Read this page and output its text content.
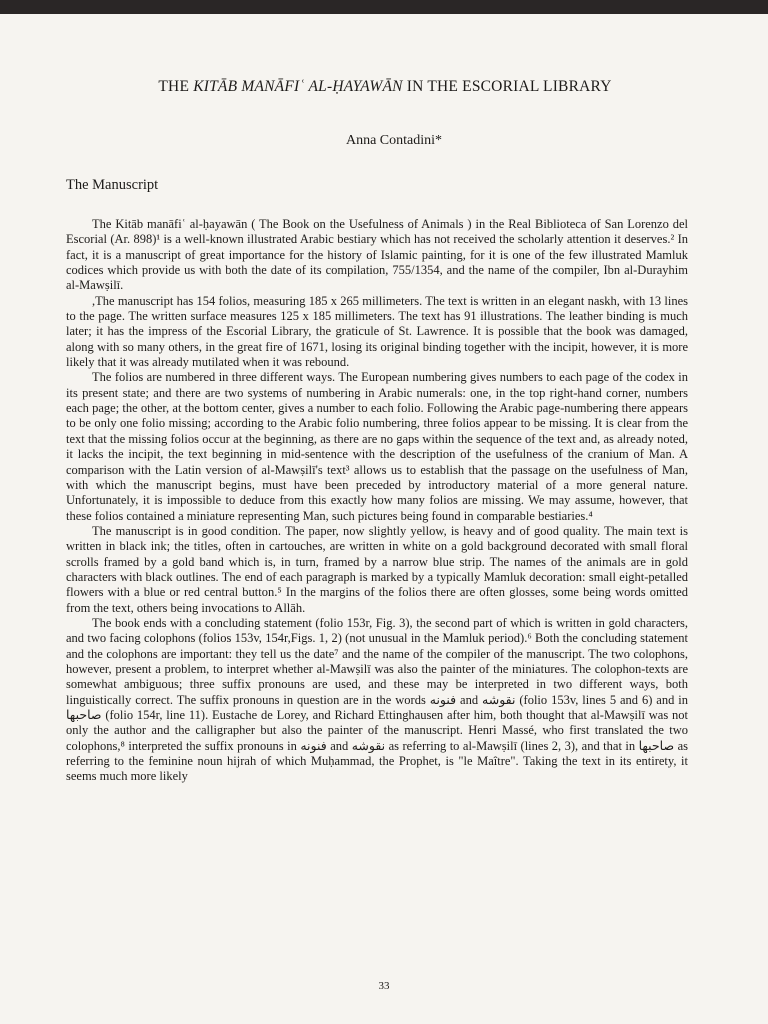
THE KITĀB MANĀFIʿ AL-ḤAYAWĀN IN THE ESCORIAL LIBRARY
Anna Contadini*
The Manuscript

The Kitāb manāfiʿ al-ḥayawān ( The Book on the Usefulness of Animals ) in the Real Biblioteca of San Lorenzo del Escorial (Ar. 898)¹ is a well-known illustrated Arabic bestiary which has not received the scholarly attention it deserves.² In fact, it is a manuscript of great importance for the history of Islamic painting, for it is one of the few illustrated Mamluk codices which provide us with both the date of its compilation, 755/1354, and the name of the compiler, Ibn al-Durayhim al-Mawṣilī.

,The manuscript has 154 folios, measuring 185 x 265 millimeters. The text is written in an elegant naskh, with 13 lines to the page. The written surface measures 125 x 185 millimeters. The text has 91 illustrations. The leather binding is much later; it has the impress of the Escorial Library, the graticule of St. Lawrence. It is possible that the book was damaged, along with so many others, in the great fire of 1671, losing its original binding together with the incipit, however, it is more likely that it was already mutilated when it was rebound.

The folios are numbered in three different ways. The European numbering gives numbers to each page of the codex in its present state; and there are two systems of numbering in Arabic numerals: one, in the top right-hand corner, numbers each page; the other, at the bottom center, gives a number to each folio. Following the Arabic page-numbering there appears to be only one folio missing; according to the Arabic folio numbering, three folios appear to be missing. It is clear from the text that the missing folios occur at the beginning, as there are no gaps within the sequence of the text and, as already noted, it lacks the incipit, the text beginning in mid-sentence with the description of the usefulness of the cranium of Man. A comparison with the Latin version of al-Mawṣilī's text³ allows us to establish that the passage on the usefulness of Man, with which the manuscript begins, must have been preceded by introductory material of a more general nature. Unfortunately, it is impossible to deduce from this exactly how many folios are missing. We may assume, however, that these folios contained a miniature representing Man, such pictures being found in comparable bestiaries.⁴

The manuscript is in good condition. The paper, now slightly yellow, is heavy and of good quality. The main text is written in black ink; the titles, often in cartouches, are written in white on a gold background decorated with small floral scrolls framed by a gold band which is, in turn, framed by a narrow blue strip. The names of the animals are in gold characters with black outlines. The end of each paragraph is marked by a typically Mamluk decoration: small eight-petalled flowers with a blue or red central button.⁵ In the margins of the folios there are often glosses, some being words omitted from the text, others being invocations to Allāh.

The book ends with a concluding statement (folio 153r, Fig. 3), the second part of which is written in gold characters, and two facing colophons (folios 153v, 154r,Figs. 1, 2) (not unusual in the Mamluk period).⁶ Both the concluding statement and the colophons are important: they tell us the date⁷ and the name of the compiler of the manuscript. The two colophons, however, present a problem, to interpret whether al-Mawṣilī was also the painter of the miniatures. The colophon-texts are somewhat ambiguous; three suffix pronouns are used, and these may be interpreted in two different ways, both linguistically correct. The suffix pronouns in question are in the words فنونه and نقوشه (folio 153v, lines 5 and 6) and in صاحبها (folio 154r, line 11). Eustache de Lorey, and Richard Ettinghausen after him, both thought that al-Mawṣilī was not only the author and the calligrapher but also the painter of the manuscript. Henri Massé, who first translated the two colophons,⁸ interpreted the suffix pronouns in فنونه and نقوشه as referring to al-Mawṣilī (lines 2, 3), and that in صاحبها as referring to the feminine noun hijrah of which Muḥammad, the Prophet, is "le Maître". Taking the text in its entirety, it seems much more likely

33
